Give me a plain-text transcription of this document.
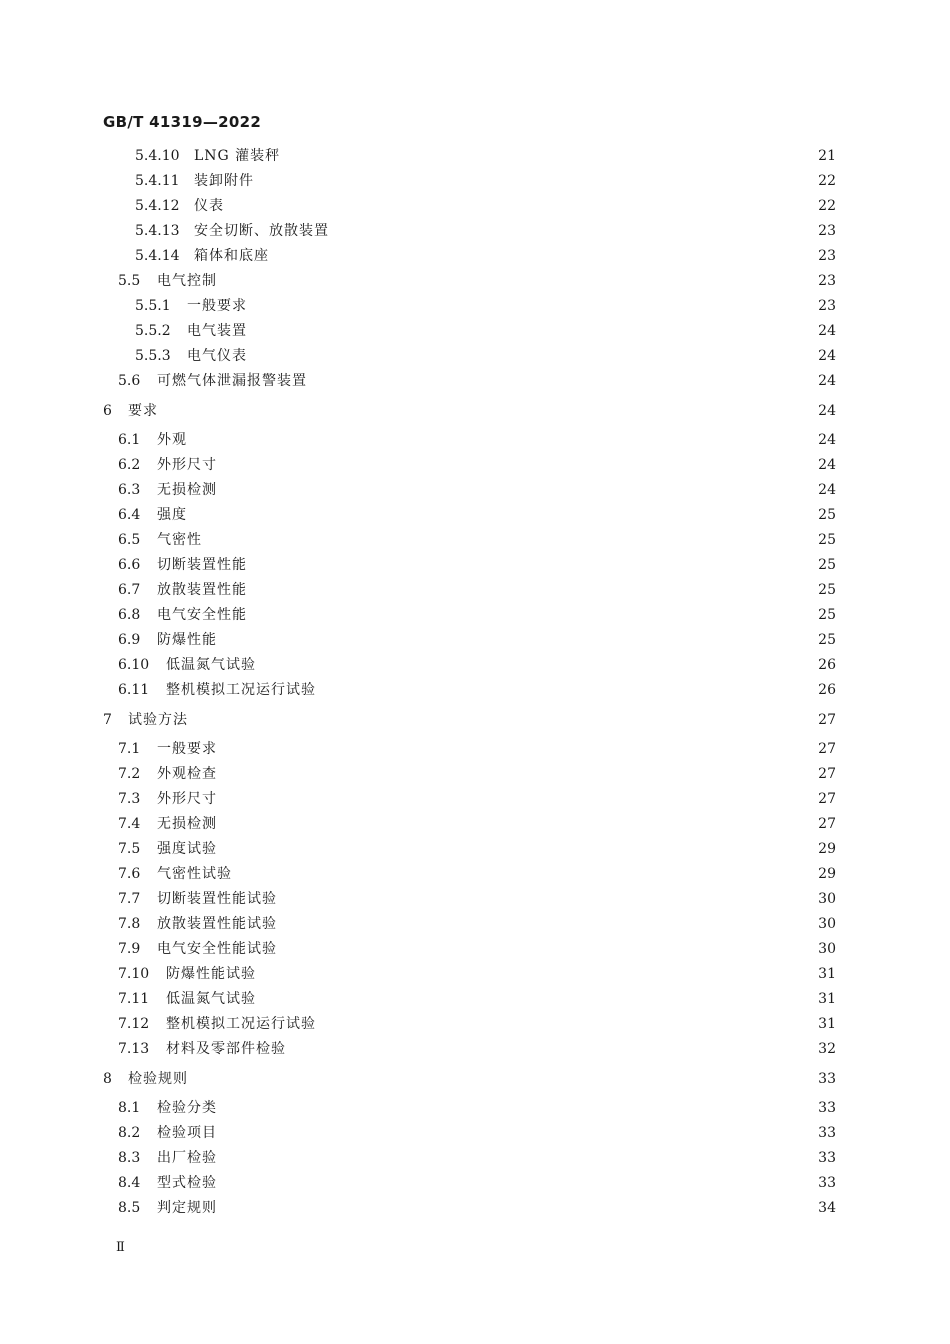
GB/T 41319—2022
5.4.10 LNG 灌装秤	21
5.4.11 装卸附件	22
5.4.12 仪表	22
5.4.13 安全切断、放散装置	23
5.4.14 箱体和底座	23
5.5 电气控制	23
5.5.1 一般要求	23
5.5.2 电气装置	24
5.5.3 电气仪表	24
5.6 可燃气体泄漏报警装置	24
6 要求	24
6.1 外观	24
6.2 外形尺寸	24
6.3 无损检测	24
6.4 强度	25
6.5 气密性	25
6.6 切断装置性能	25
6.7 放散装置性能	25
6.8 电气安全性能	25
6.9 防爆性能	25
6.10 低温氮气试验	26
6.11 整机模拟工况运行试验	26
7 试验方法	27
7.1 一般要求	27
7.2 外观检查	27
7.3 外形尺寸	27
7.4 无损检测	27
7.5 强度试验	29
7.6 气密性试验	29
7.7 切断装置性能试验	30
7.8 放散装置性能试验	30
7.9 电气安全性能试验	30
7.10 防爆性能试验	31
7.11 低温氮气试验	31
7.12 整机模拟工况运行试验	31
7.13 材料及零部件检验	32
8 检验规则	33
8.1 检验分类	33
8.2 检验项目	33
8.3 出厂检验	33
8.4 型式检验	33
8.5 判定规则	34
Ⅱ
